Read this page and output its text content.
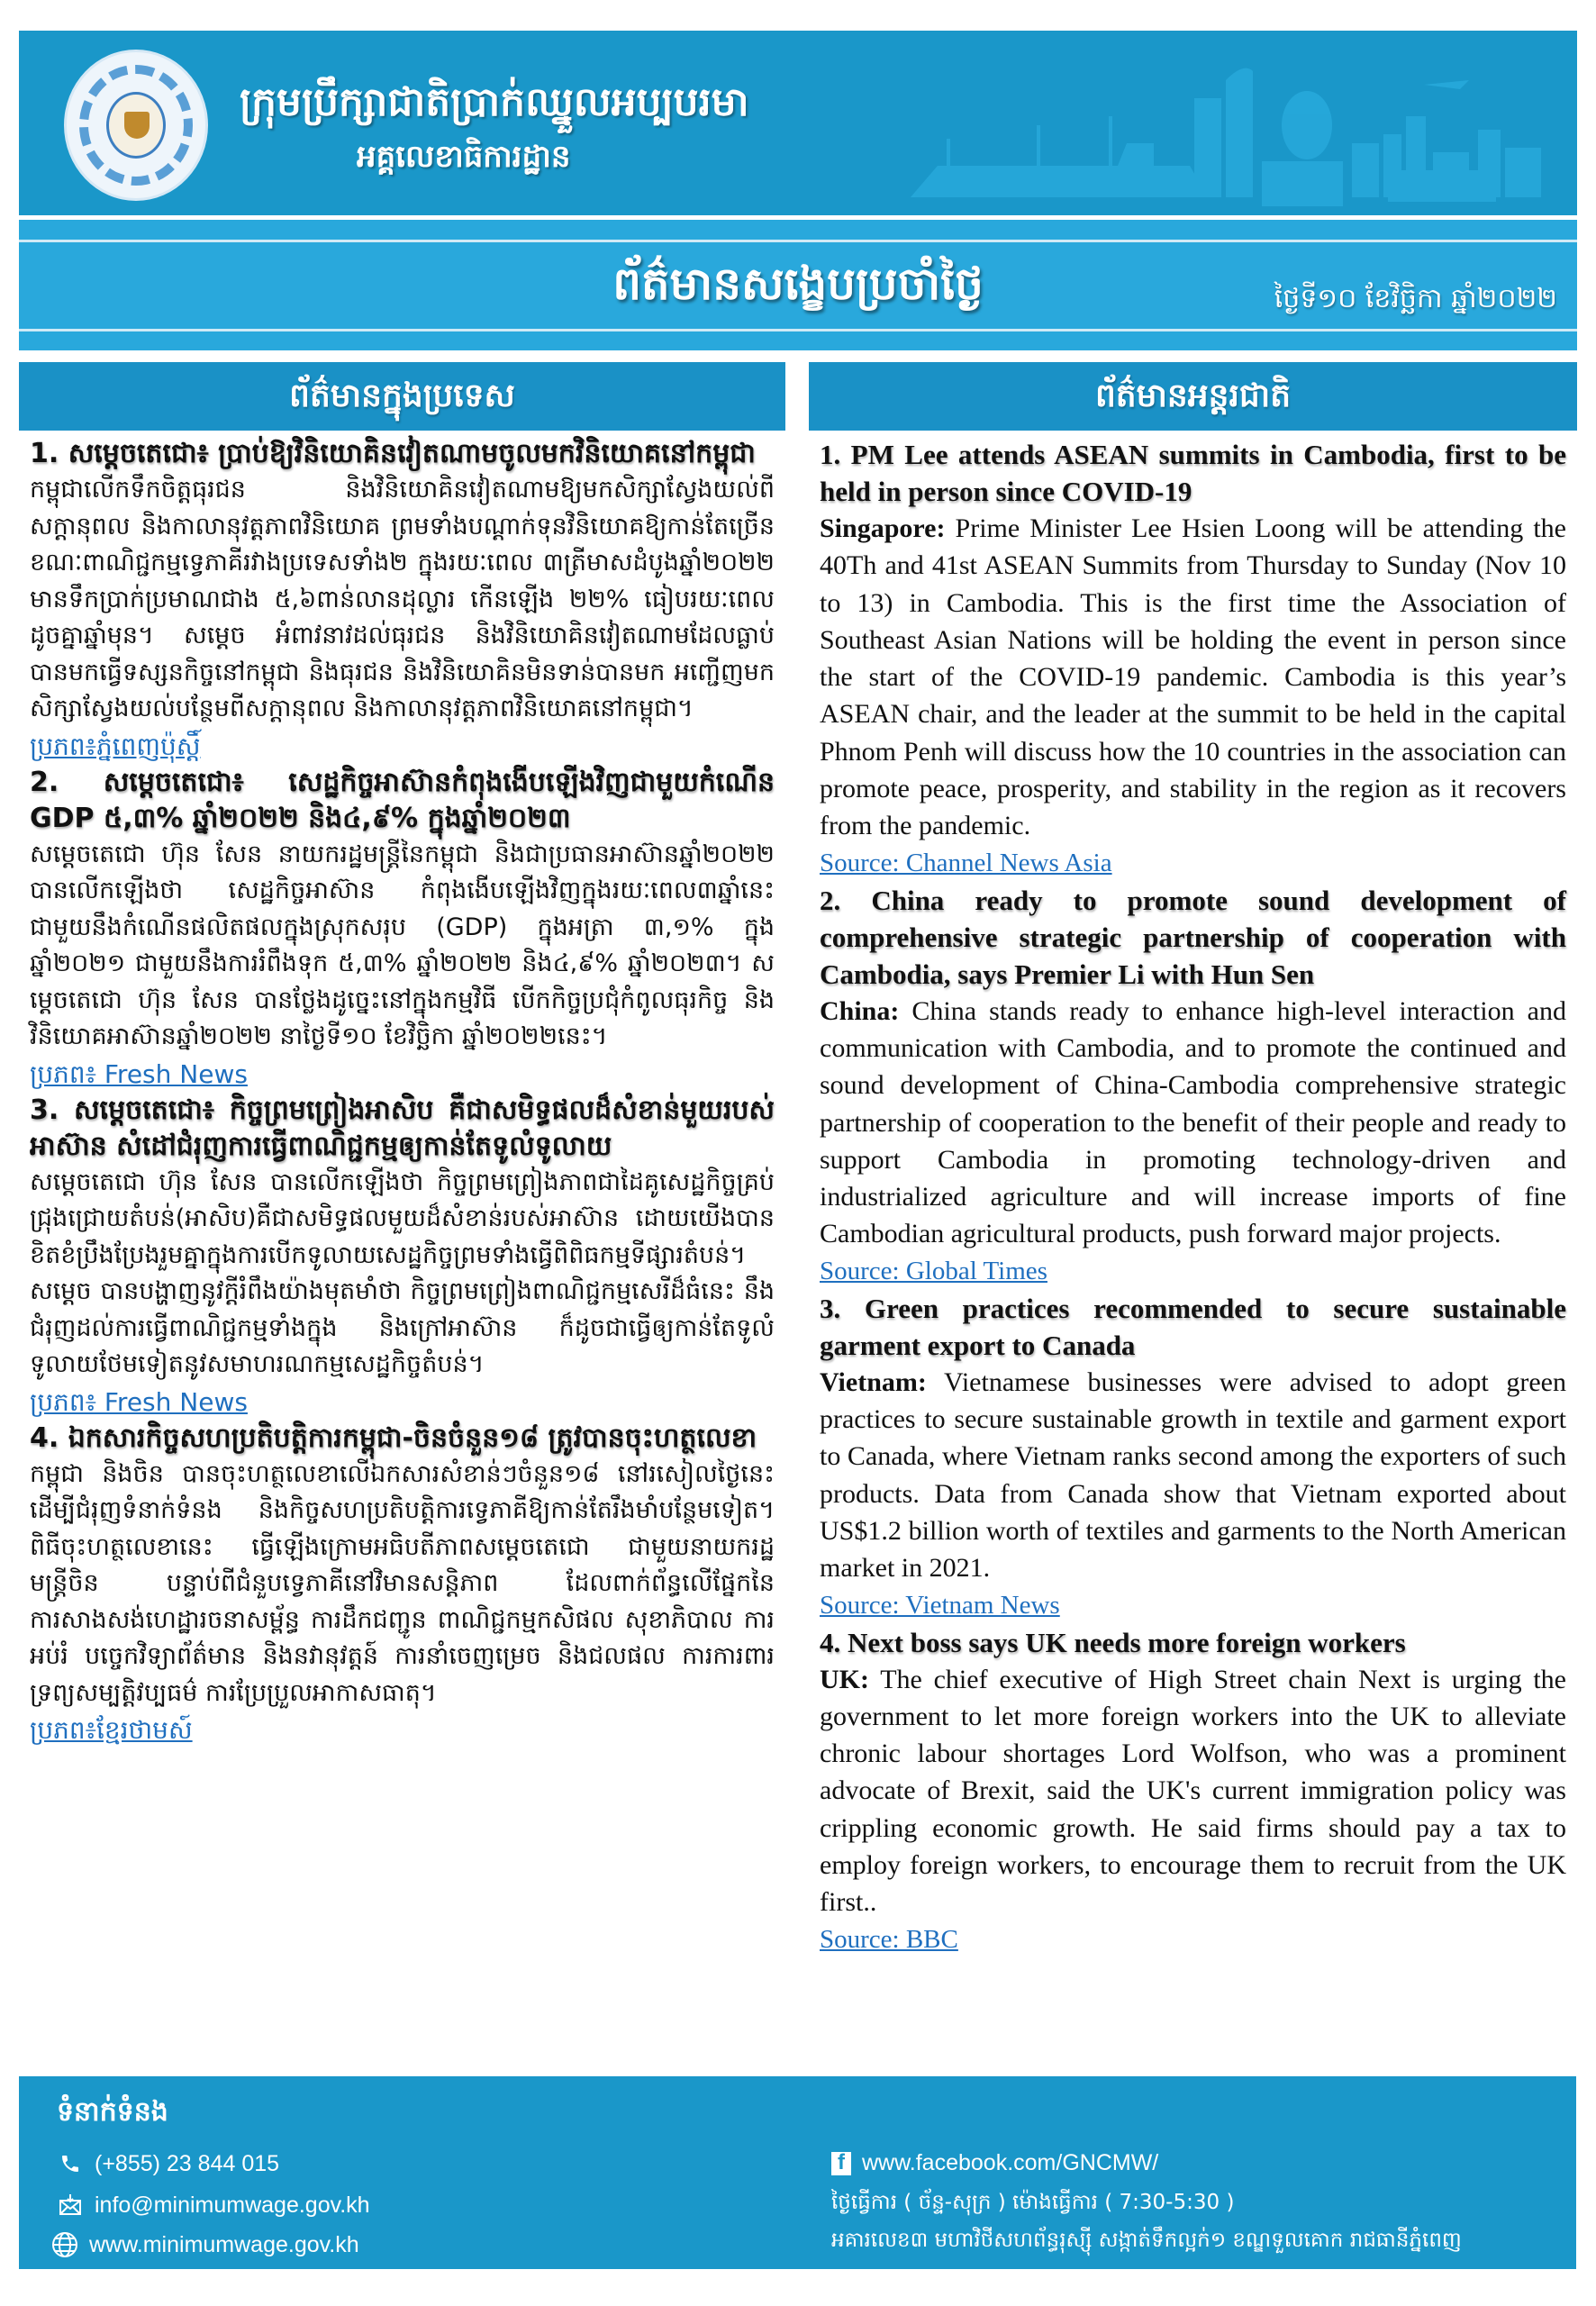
ក្រុមប្រឹក្សាជាតិប្រាក់ឈ្នួលអប្បបរមា
អគ្គលេខាធិការដ្ឋាន
ព័ត៌មានសង្ខេបប្រចាំថ្ងៃ	ថ្ងៃទី១០ ខែវិច្ឆិកា ឆ្នាំ២០២២
ព័ត៌មានក្នុងប្រទេស
1. សម្តេចតេជោ៖ ប្រាប់ឱ្យវិនិយោគិនវៀតណាមចូលមកវិនិយោគនៅកម្ពុជា
កម្ពុជាលើកទឹកចិត្តធុរជន និងវិនិយោគិនវៀតណាមឱ្យមកសិក្សាស្វែងយល់ពីសក្តានុពល និងកាលានុវត្តភាពវិនិយោគ ព្រមទាំងបណ្តាក់ទុនវិនិយោគឱ្យកាន់តែច្រើន ខណៈពាណិជ្ជកម្មទ្វេភាគីរវាងប្រទេសទាំង២ ក្នុងរយៈពេល ៣ត្រីមាសដំបូងឆ្នាំ២០២២ មានទឹកប្រាក់ប្រមាណជាង ៥,៦ពាន់លានដុល្លារ កើនឡើង ២២% ធៀបរយៈពេលដូចគ្នាឆ្នាំមុន។ សម្តេច អំពាវនាវដល់ធុរជន និងវិនិយោគិនវៀតណាមដែលធ្លាប់បានមកធ្វើទស្សនកិច្ចនៅកម្ពុជា និងធុរជន និងវិនិយោគិនមិនទាន់បានមក អញ្ជើញមកសិក្សាស្វែងយល់បន្ថែមពីសក្តានុពល និងកាលានុវត្តភាពវិនិយោគនៅកម្ពុជា។
ប្រភព៖ភ្នំពេញប៉ុស្តិ៍
2. សម្តេចតេជោ៖ សេដ្ឋកិច្ចអាស៊ានកំពុងងើបឡើងវិញជាមួយកំណើន GDP ៥,៣% ឆ្នាំ២០២២ និង៤,៩% ក្នុងឆ្នាំ២០២៣
សម្តេចតេជោ ហ៊ុន សែន នាយករដ្ឋមន្ត្រីនៃកម្ពុជា និងជាប្រធានអាស៊ានឆ្នាំ២០២២ បានលើកឡើងថា សេដ្ឋកិច្ចអាស៊ាន កំពុងងើបឡើងវិញក្នុងរយៈពេល៣ឆ្នាំនេះ ជាមួយនឹងកំណើនផលិតផលក្នុងស្រុកសរុប (GDP) ក្នុងអត្រា ៣,១% ក្នុងឆ្នាំ២០២១ ជាមួយនឹងការរំពឹងទុក ៥,៣% ឆ្នាំ២០២២ និង៤,៩% ឆ្នាំ២០២៣។ សម្តេចតេជោ ហ៊ុន សែន បានថ្លែងដូច្នេះនៅក្នុងកម្មវិធី បើកកិច្ចប្រជុំកំពូលធុរកិច្ច និងវិនិយោគអាស៊ានឆ្នាំ២០២២ នាថ្ងៃទី១០ ខែវិច្ឆិកា ឆ្នាំ២០២២នេះ។
ប្រភព៖ Fresh News
3. សម្តេចតេជោ៖ កិច្ចព្រមព្រៀងអាសិប គឺជាសមិទ្ធផលដ៏សំខាន់មួយរបស់អាស៊ាន សំដៅជំរុញការធ្វើពាណិជ្ជកម្មឲ្យកាន់តែទូលំទូលាយ
សម្តេចតេជោ ហ៊ុន សែន បានលើកឡើងថា កិច្ចព្រមព្រៀងភាពជាដៃគូសេដ្ឋកិច្ចគ្រប់ជ្រុងជ្រោយតំបន់(អាសិប)គឺជាសមិទ្ធផលមួយដ៏សំខាន់របស់អាស៊ាន ដោយយើងបានខិតខំប្រឹងប្រែងរួមគ្នាក្នុងការបើកទូលាយសេដ្ឋកិច្ចព្រមទាំងធ្វើពិពិធកម្មទីផ្សារតំបន់។ សម្តេច បានបង្ហាញនូវក្តីរំពឹងយ៉ាងមុតមាំថា កិច្ចព្រមព្រៀងពាណិជ្ជកម្មសេរីដ៏ធំនេះ នឹងជំរុញដល់ការធ្វើពាណិជ្ជកម្មទាំងក្នុង និងក្រៅអាស៊ាន ក៏ដូចជាធ្វើឲ្យកាន់តែទូលំទូលាយថែមទៀតនូវសមាហរណកម្មសេដ្ឋកិច្ចតំបន់។
ប្រភព៖ Fresh News
4. ឯកសារកិច្ចសហប្រតិបត្តិការកម្ពុជា-ចិនចំនួន១៨ ត្រូវបានចុះហត្ថលេខា
កម្ពុជា និងចិន បានចុះហត្ថលេខាលើឯកសារសំខាន់ៗចំនួន១៨ នៅរសៀលថ្ងៃនេះ ដើម្បីជំរុញទំនាក់ទំនង និងកិច្ចសហប្រតិបត្តិការទ្វេភាគីឱ្យកាន់តែរឹងមាំបន្ថែមទៀត។ ពិធីចុះហត្ថលេខានេះ ធ្វើឡើងក្រោមអធិបតីភាពសម្តេចតេជោ ជាមួយនាយករដ្ឋមន្ត្រីចិន បន្ទាប់ពីជំនួបទ្វេភាគីនៅវិមានសន្តិភាព ដែលពាក់ព័ន្ធលើផ្នែកនៃការសាងសង់ហេដ្ឋារចនាសម្ព័ន្ធ ការដឹកជញ្ជូន ពាណិជ្ជកម្មកសិផល សុខាភិបាល ការអប់រំ បច្ចេកវិទ្យាព័ត៌មាន និងនវានុវត្តន៍ ការនាំចេញម្រេច និងជលផល ការការពារទ្រព្យសម្បត្តិវប្បធម៌ ការប្រែប្រួលអាកាសធាតុ។
ប្រភព៖ខ្មែរថាមស៍
ព័ត៌មានអន្តរជាតិ
1. PM Lee attends ASEAN summits in Cambodia, first to be held in person since COVID-19
Singapore: Prime Minister Lee Hsien Loong will be attending the 40Th and 41st ASEAN Summits from Thursday to Sunday (Nov 10 to 13) in Cambodia. This is the first time the Association of Southeast Asian Nations will be holding the event in person since the start of the COVID-19 pandemic. Cambodia is this year’s ASEAN chair, and the leader at the summit to be held in the capital Phnom Penh will discuss how the 10 countries in the association can promote peace, prosperity, and stability in the region as it recovers from the pandemic.
Source: Channel News Asia
2. China ready to promote sound development of comprehensive strategic partnership of cooperation with Cambodia, says Premier Li with Hun Sen
China: China stands ready to enhance high-level interaction and communication with Cambodia, and to promote the continued and sound development of China-Cambodia comprehensive strategic partnership of cooperation to the benefit of their people and ready to support Cambodia in promoting technology-driven and industrialized agriculture and will increase imports of fine Cambodian agricultural products, push forward major projects.
Source: Global Times
3. Green practices recommended to secure sustainable garment export to Canada
Vietnam: Vietnamese businesses were advised to adopt green practices to secure sustainable growth in textile and garment export to Canada, where Vietnam ranks second among the exporters of such products. Data from Canada show that Vietnam exported about US$1.2 billion worth of textiles and garments to the North American market in 2021.
Source: Vietnam News
4. Next boss says UK needs more foreign workers
UK: The chief executive of High Street chain Next is urging the government to let more foreign workers into the UK to alleviate chronic labour shortages Lord Wolfson, who was a prominent advocate of Brexit, said the UK's current immigration policy was crippling economic growth. He said firms should pay a tax to employ foreign workers, to encourage them to recruit from the UK first..
Source: BBC
ទំនាក់ទំនង
(+855) 23 844 015
info@minimumwage.gov.kh
www.minimumwage.gov.kh
f www.facebook.com/GNCMW/
ថ្ងៃធ្វើការ ( ច័ន្ទ-សុក្រ ) ម៉ោងធ្វើការ ( 7:30-5:30 )
អគារលេខ៣ មហាវិថីសហព័ន្ធរុស្ស៊ី សង្កាត់ទឹកល្អក់១ ខណ្ឌទួលគោក រាជធានីភ្នំពេញ
